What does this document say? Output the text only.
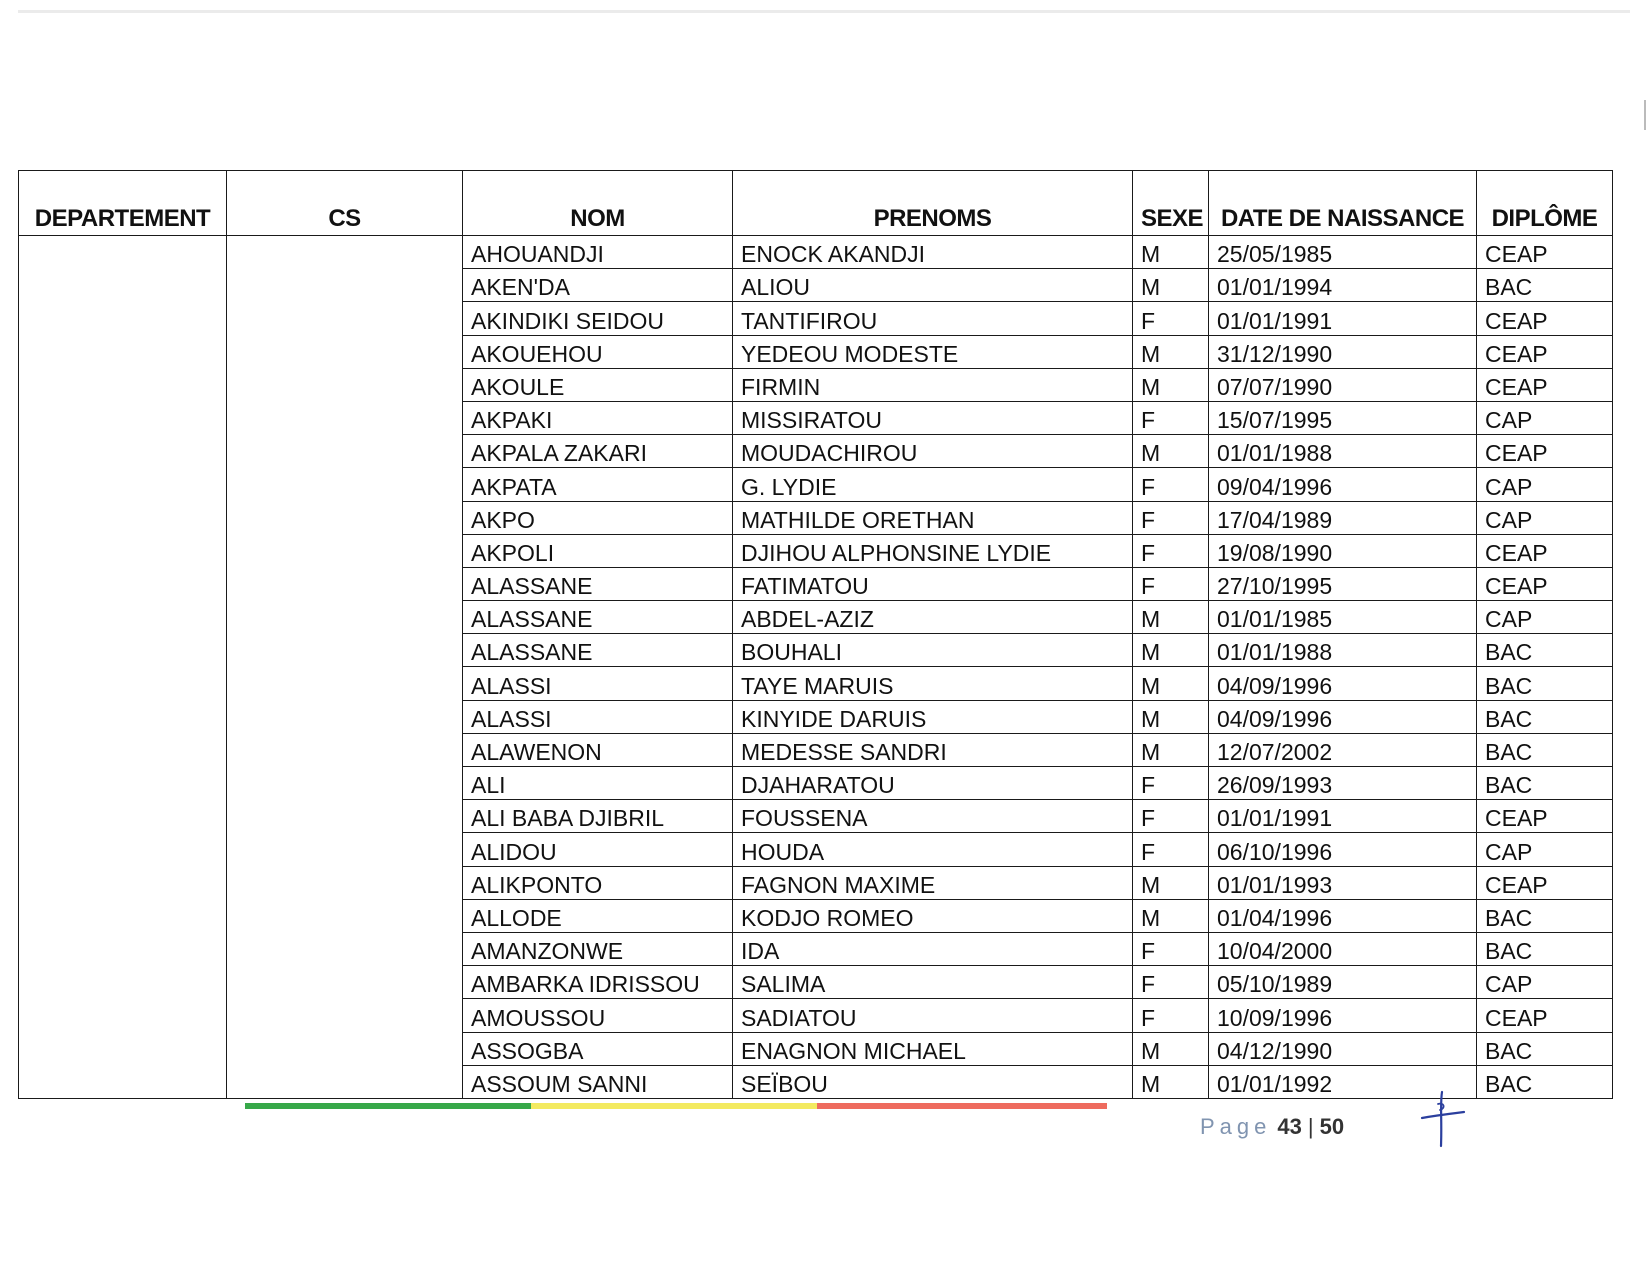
DEPARTEMENT	CS	NOM	PRENOMS	SEXE	DATE DE NAISSANCE	DIPLÔME
		AHOUANDJI	ENOCK AKANDJI	M	25/05/1985	CEAP
		AKEN'DA	ALIOU	M	01/01/1994	BAC
		AKINDIKI SEIDOU	TANTIFIROU	F	01/01/1991	CEAP
		AKOUEHOU	YEDEOU MODESTE	M	31/12/1990	CEAP
		AKOULE	FIRMIN	M	07/07/1990	CEAP
		AKPAKI	MISSIRATOU	F	15/07/1995	CAP
		AKPALA ZAKARI	MOUDACHIROU	M	01/01/1988	CEAP
		AKPATA	G. LYDIE	F	09/04/1996	CAP
		AKPO	MATHILDE ORETHAN	F	17/04/1989	CAP
		AKPOLI	DJIHOU ALPHONSINE LYDIE	F	19/08/1990	CEAP
		ALASSANE	FATIMATOU	F	27/10/1995	CEAP
		ALASSANE	ABDEL-AZIZ	M	01/01/1985	CAP
		ALASSANE	BOUHALI	M	01/01/1988	BAC
		ALASSI	TAYE MARUIS	M	04/09/1996	BAC
		ALASSI	KINYIDE DARUIS	M	04/09/1996	BAC
		ALAWENON	MEDESSE SANDRI	M	12/07/2002	BAC
		ALI	DJAHARATOU	F	26/09/1993	BAC
		ALI BABA DJIBRIL	FOUSSENA	F	01/01/1991	CEAP
		ALIDOU	HOUDA	F	06/10/1996	CAP
		ALIKPONTO	FAGNON MAXIME	M	01/01/1993	CEAP
		ALLODE	KODJO ROMEO	M	01/04/1996	BAC
		AMANZONWE	IDA	F	10/04/2000	BAC
		AMBARKA IDRISSOU	SALIMA	F	05/10/1989	CAP
		AMOUSSOU	SADIATOU	F	10/09/1996	CEAP
		ASSOGBA	ENAGNON MICHAEL	M	04/12/1990	BAC
		ASSOUM SANNI	SEÏBOU	M	01/01/1992	BAC
Page 43 | 50
